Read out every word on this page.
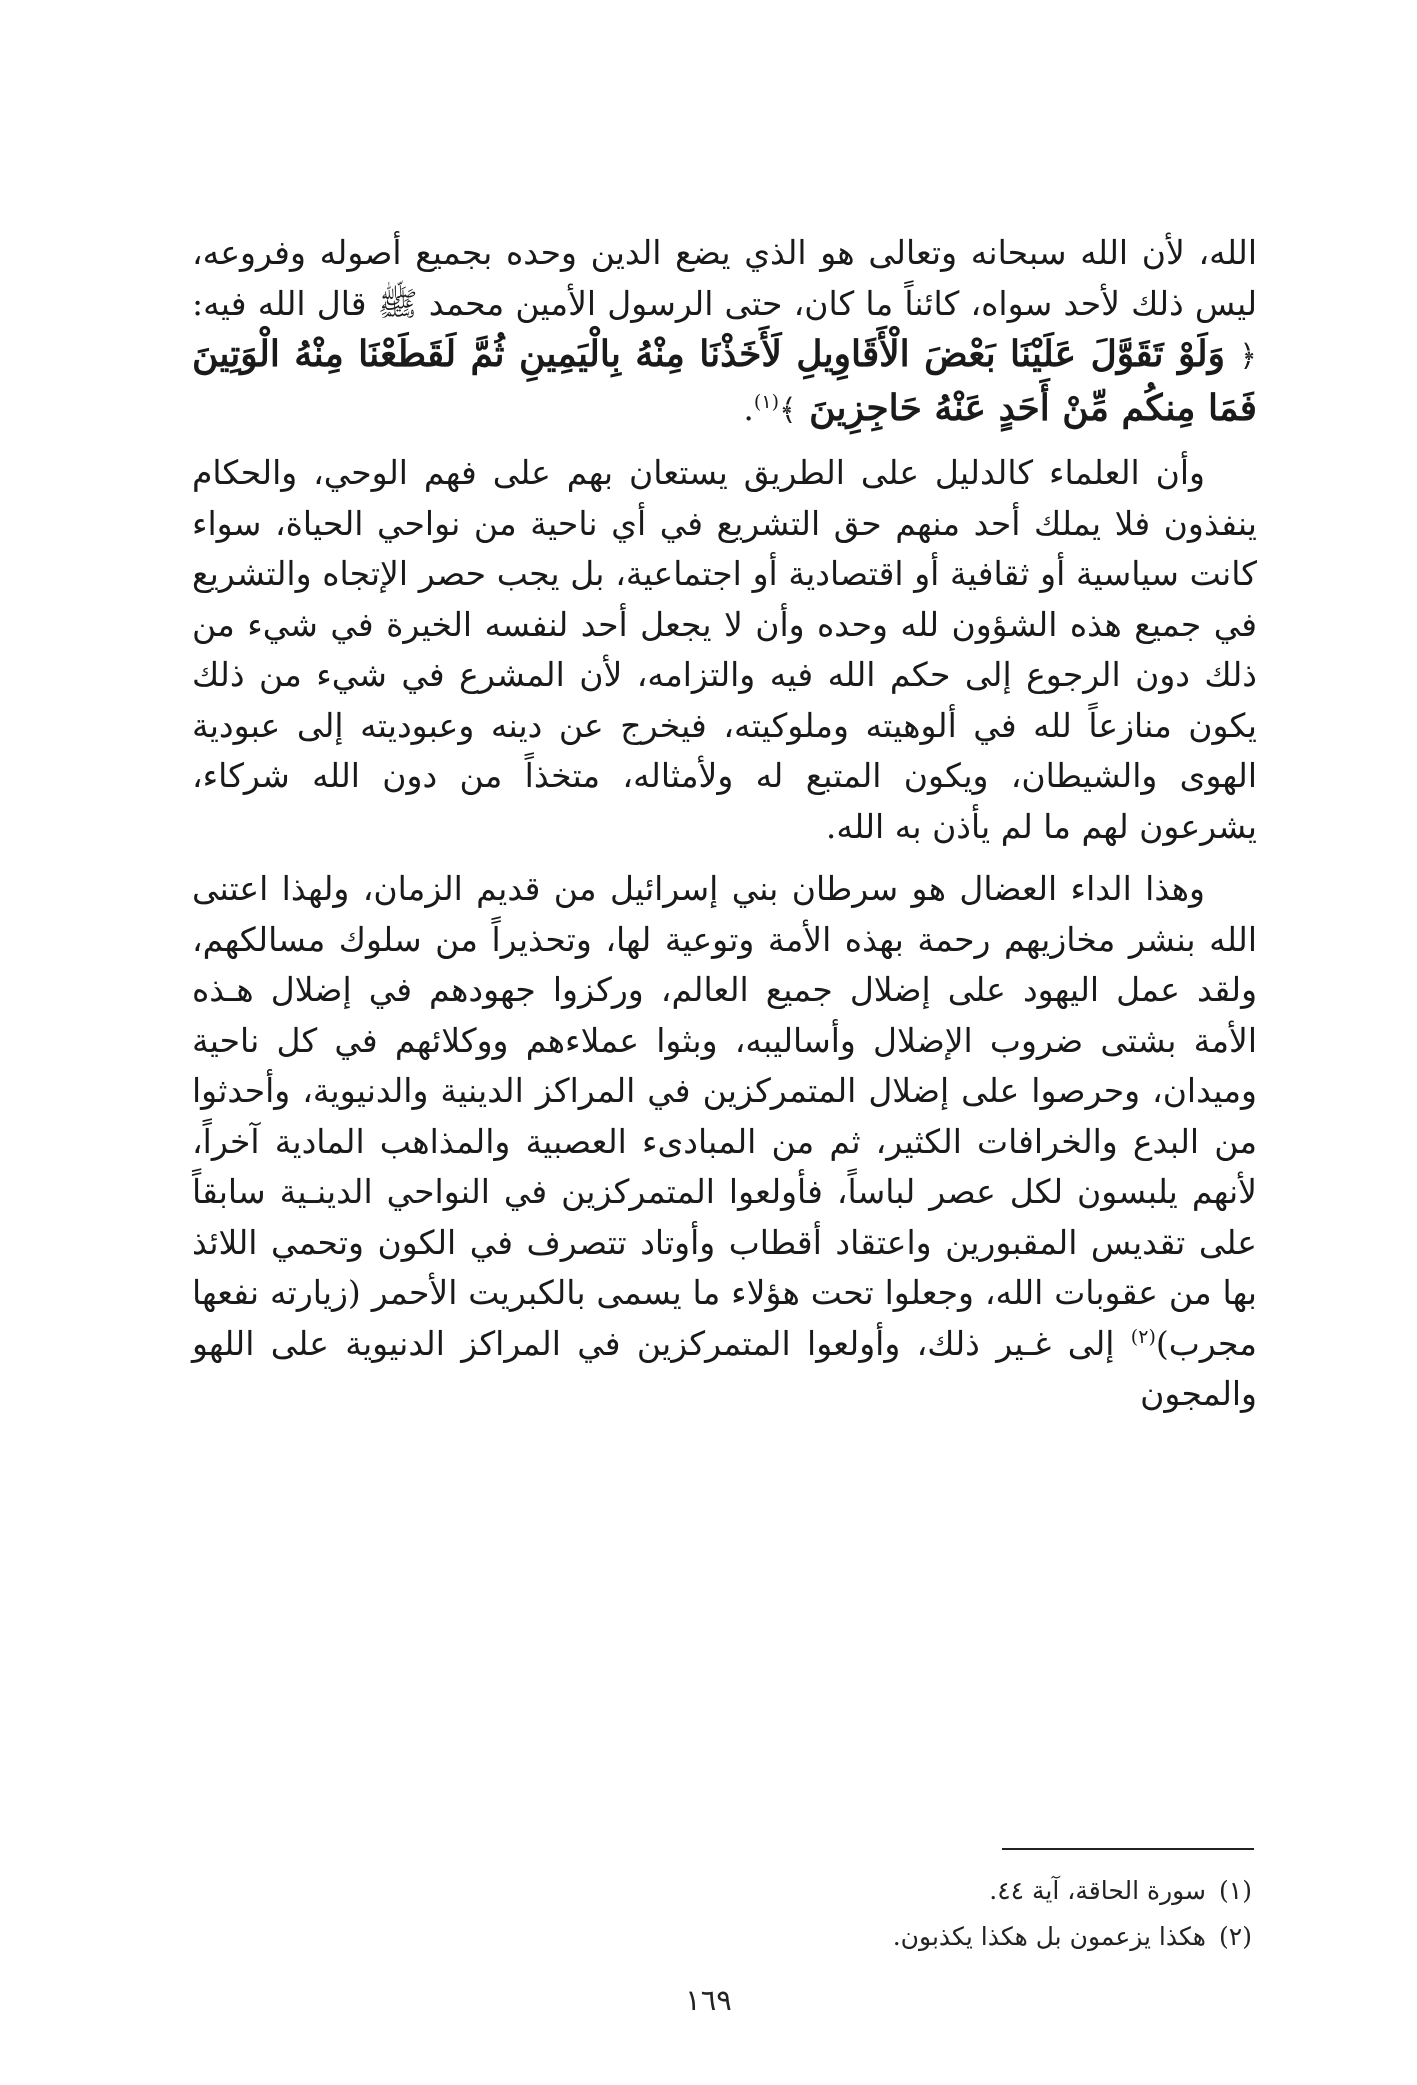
الله، لأن الله سبحانه وتعالى هو الذي يضع الدين وحده بجميع أصوله وفروعه، ليس ذلك لأحد سواه، كائناً ما كان، حتى الرسول الأمين محمد ﷺ قال الله فيه: ﴿ وَلَوْ تَقَوَّلَ عَلَيْنَا بَعْضَ الْأَقَاوِيلِ لَأَخَذْنَا مِنْهُ بِالْيَمِينِ ثُمَّ لَقَطَعْنَا مِنْهُ الْوَتِينَ فَمَا مِنكُم مِّنْ أَحَدٍ عَنْهُ حَاجِزِينَ ﴾$^{(١)}$.

وأن العلماء كالدليل على الطريق يستعان بهم على فهم الوحي، والحكام ينفذون فلا يملك أحد منهم حق التشريع في أي ناحية من نواحي الحياة، سواء كانت سياسية أو ثقافية أو اقتصادية أو اجتماعية، بل يجب حصر الإتجاه والتشريع في جميع هذه الشؤون لله وحده وأن لا يجعل أحد لنفسه الخيرة في شيء من ذلك دون الرجوع إلى حكم الله فيه والتزامه، لأن المشرع في شيء من ذلك يكون منازعاً لله في ألوهيته وملوكيته، فيخرج عن دينه وعبوديته إلى عبودية الهوى والشيطان، ويكون المتبع له ولأمثاله، متخذاً من دون الله شركاء، يشرعون لهم ما لم يأذن به الله.

وهذا الداء العضال هو سرطان بني إسرائيل من قديم الزمان، ولهذا اعتنى الله بنشر مخازيهم رحمة بهذه الأمة وتوعية لها، وتحذيراً من سلوك مسالكهم، ولقد عمل اليهود على إضلال جميع العالم، وركزوا جهودهم في إضلال هـذه الأمة بشتى ضروب الإضلال وأساليبه، وبثوا عملاءهم ووكلائهم في كل ناحية وميدان، وحرصوا على إضلال المتمركزين في المراكز الدينية والدنيوية، وأحدثوا من البدع والخرافات الكثير، ثم من المبادىء العصبية والمذاهب المادية آخراً، لأنهم يلبسون لكل عصر لباساً، فأولعوا المتمركزين في النواحي الدينـية سابقاً على تقديس المقبورين واعتقاد أقطاب وأوتاد تتصرف في الكون وتحمي اللائذ بها من عقوبات الله، وجعلوا تحت هؤلاء ما يسمى بالكبريت الأحمر (زيارته نفعها مجرب)$^{(٢)}$ إلى غـير ذلك، وأولعوا المتمركزين في المراكز الدنيوية على اللهو والمجون

(١)
سورة الحاقة، آية ٤٤.
(٢)
هكذا يزعمون بل هكذا يكذبون.
١٦٩
